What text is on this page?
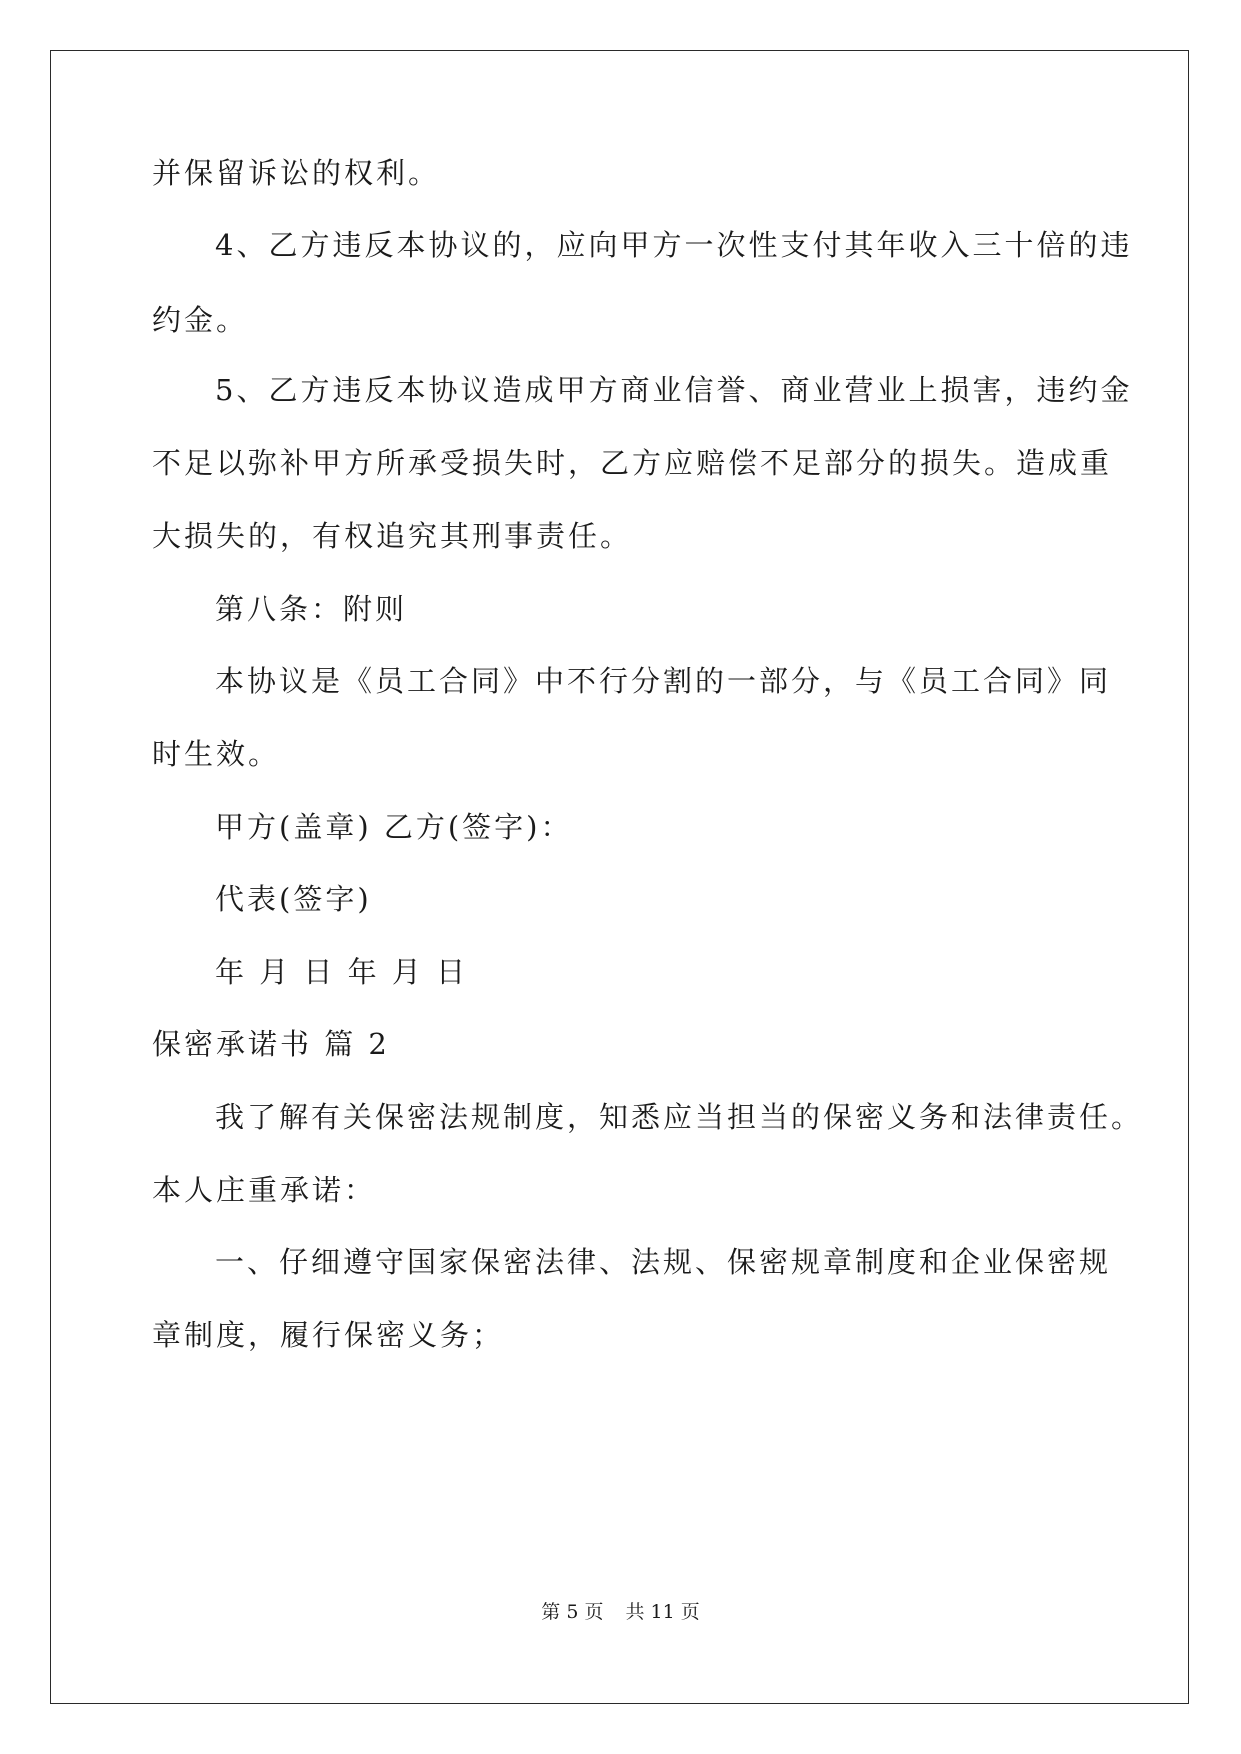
并保留诉讼的权利。
4、乙方违反本协议的，应向甲方一次性支付其年收入三十倍的违
约金。
5、乙方违反本协议造成甲方商业信誉、商业营业上损害，违约金
不足以弥补甲方所承受损失时，乙方应赔偿不足部分的损失。造成重
大损失的，有权追究其刑事责任。
第八条：附则
本协议是《员工合同》中不行分割的一部分，与《员工合同》同
时生效。
甲方(盖章) 乙方(签字)：
代表(签字)
年 月 日 年 月 日
保密承诺书 篇 2
我了解有关保密法规制度，知悉应当担当的保密义务和法律责任。
本人庄重承诺：
一、仔细遵守国家保密法律、法规、保密规章制度和企业保密规
章制度，履行保密义务；
第 5 页 共 11 页
